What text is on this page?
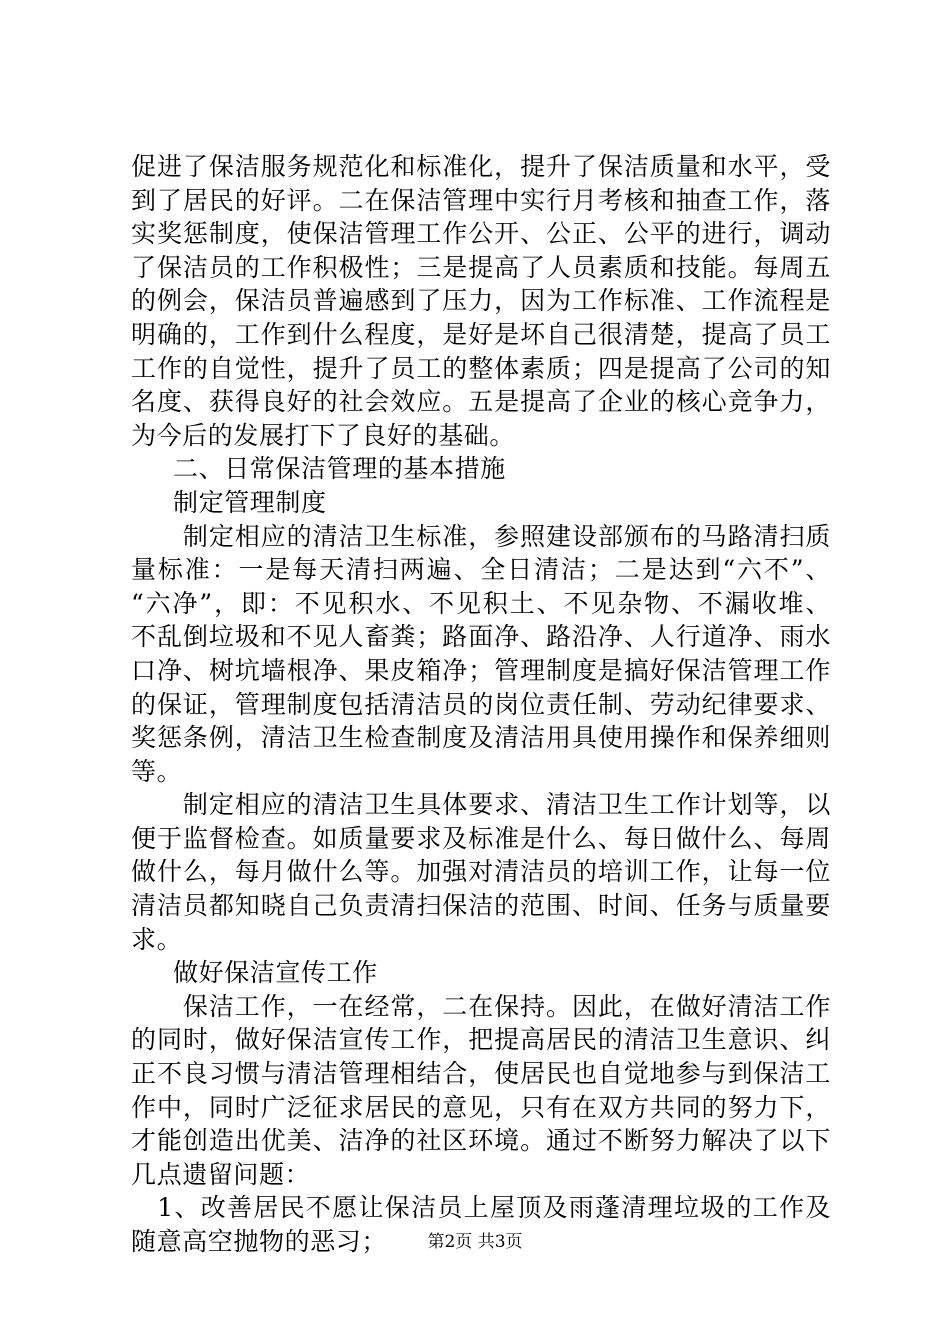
促进了保洁服务规范化和标准化，提升了保洁质量和水平，受
到了居民的好评。二在保洁管理中实行月考核和抽查工作，落
实奖惩制度，使保洁管理工作公开、公正、公平的进行，调动
了保洁员的工作积极性；三是提高了人员素质和技能。每周五
的例会，保洁员普遍感到了压力，因为工作标准、工作流程是
明确的，工作到什么程度，是好是坏自己很清楚，提高了员工
工作的自觉性，提升了员工的整体素质；四是提高了公司的知
名度、获得良好的社会效应。五是提高了企业的核心竞争力，
为今后的发展打下了良好的基础。
二、日常保洁管理的基本措施
制定管理制度
　　制定相应的清洁卫生标准，参照建设部颁布的马路清扫质
量标准：一是每天清扫两遍、全日清洁；二是达到“六不”、
“六净”，即：不见积水、不见积土、不见杂物、不漏收堆、
不乱倒垃圾和不见人畜粪；路面净、路沿净、人行道净、雨水
口净、树坑墙根净、果皮箱净；管理制度是搞好保洁管理工作
的保证，管理制度包括清洁员的岗位责任制、劳动纪律要求、
奖惩条例，清洁卫生检查制度及清洁用具使用操作和保养细则
等。
　　制定相应的清洁卫生具体要求、清洁卫生工作计划等，以
便于监督检查。如质量要求及标准是什么、每日做什么、每周
做什么，每月做什么等。加强对清洁员的培训工作，让每一位
清洁员都知晓自己负责清扫保洁的范围、时间、任务与质量要
求。
做好保洁宣传工作
　　保洁工作，一在经常，二在保持。因此，在做好清洁工作
的同时，做好保洁宣传工作，把提高居民的清洁卫生意识、纠
正不良习惯与清洁管理相结合，使居民也自觉地参与到保洁工
作中，同时广泛征求居民的意见，只有在双方共同的努力下，
才能创造出优美、洁净的社区环境。通过不断努力解决了以下
几点遗留问题：
　1、改善居民不愿让保洁员上屋顶及雨蓬清理垃圾的工作及
随意高空抛物的恶习；	第2页 共3页
